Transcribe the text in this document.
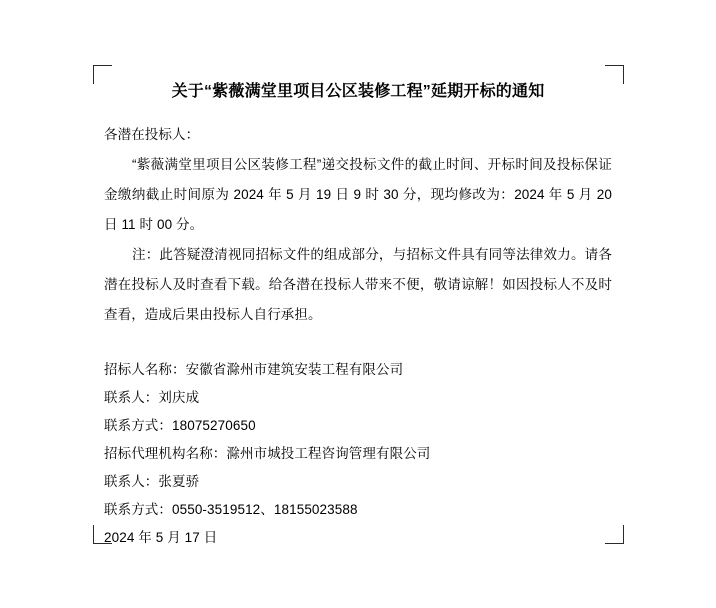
关于“紫薇满堂里项目公区装修工程”延期开标的通知

各潜在投标人：

“紫薇满堂里项目公区装修工程”递交投标文件的截止时间、开标时间及投标保证金缴纳截止时间原为 2024 年 5 月 19 日 9 时 30 分，现均修改为：2024 年 5 月 20 日 11 时 00 分。

注：此答疑澄清视同招标文件的组成部分，与招标文件具有同等法律效力。请各潜在投标人及时查看下载。给各潜在投标人带来不便，敬请谅解！如因投标人不及时查看，造成后果由投标人自行承担。

招标人名称：安徽省滁州市建筑安装工程有限公司

联系人：刘庆成

联系方式：18075270650

招标代理机构名称：滁州市城投工程咨询管理有限公司

联系人：张夏骄

联系方式：0550-3519512、18155023588

2024 年 5 月 17 日
